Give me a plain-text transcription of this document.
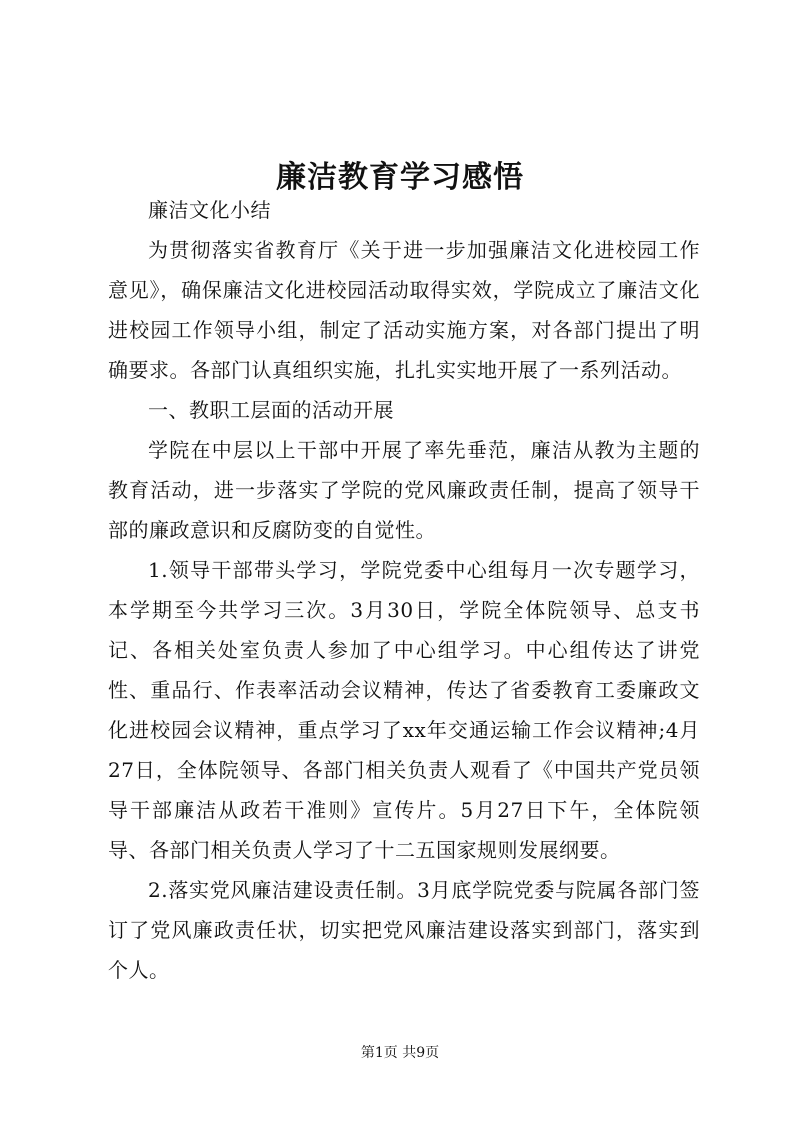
廉洁教育学习感悟

廉洁文化小结

为贯彻落实省教育厅《关于进一步加强廉洁文化进校园工作意见》，确保廉洁文化进校园活动取得实效，学院成立了廉洁文化进校园工作领导小组，制定了活动实施方案，对各部门提出了明确要求。各部门认真组织实施，扎扎实实地开展了一系列活动。

一、教职工层面的活动开展

学院在中层以上干部中开展了率先垂范，廉洁从教为主题的教育活动，进一步落实了学院的党风廉政责任制，提高了领导干部的廉政意识和反腐防变的自觉性。

1.领导干部带头学习，学院党委中心组每月一次专题学习，本学期至今共学习三次。3月30日，学院全体院领导、总支书记、各相关处室负责人参加了中心组学习。中心组传达了讲党性、重品行、作表率活动会议精神，传达了省委教育工委廉政文化进校园会议精神，重点学习了xx年交通运输工作会议精神;4月27日，全体院领导、各部门相关负责人观看了《中国共产党员领导干部廉洁从政若干准则》宣传片。5月27日下午，全体院领导、各部门相关负责人学习了十二五国家规则发展纲要。

2.落实党风廉洁建设责任制。3月底学院党委与院属各部门签订了党风廉政责任状，切实把党风廉洁建设落实到部门，落实到个人。

第1页 共9页
